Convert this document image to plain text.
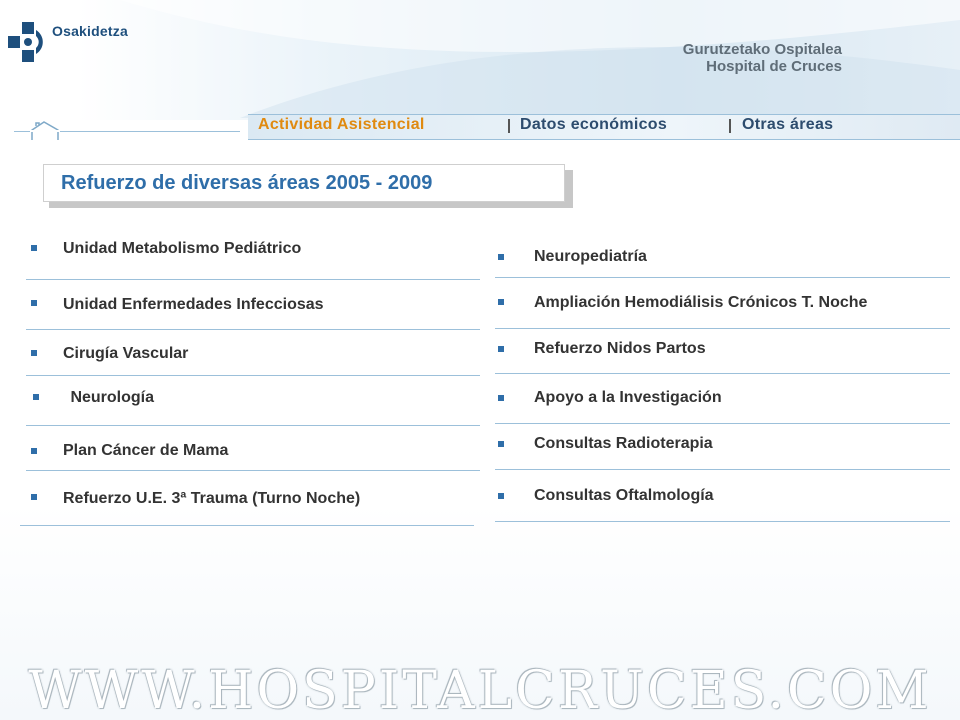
Osakidetza
Gurutzetako Ospitalea
Hospital de Cruces
Actividad Asistencial	Datos económicos	Otras áreas
Refuerzo de diversas áreas 2005 - 2009
Unidad Metabolismo Pediátrico
Unidad Enfermedades Infecciosas
Cirugía Vascular
Neurología
Plan Cáncer de Mama
Refuerzo U.E. 3ª Trauma (Turno Noche)
Neuropediatría
Ampliación Hemodiálisis Crónicos T. Noche
Refuerzo Nidos Partos
Apoyo a la Investigación
Consultas Radioterapia
Consultas Oftalmología
WWW.HOSPITALCRUCES.COM
